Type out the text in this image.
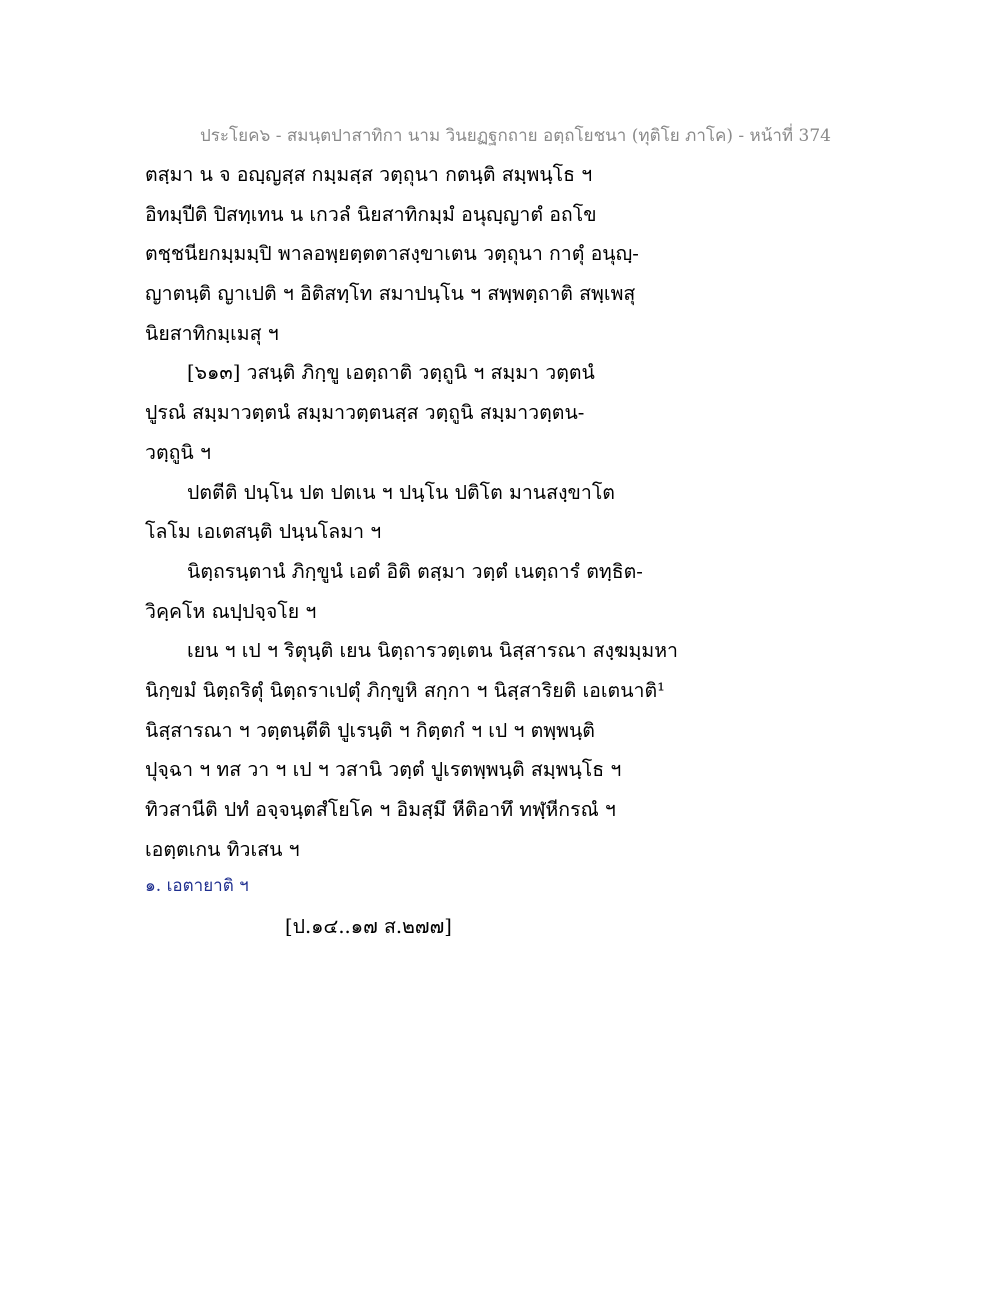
ประโยค๖ - สมนฺตปาสาทิกา นาม วินยฏฐกถาย อตฺถโยชนา (ทุติโย ภาโค) - หน้าที่ 374
ตสฺมา น จ อญฺญสฺส กมฺมสฺส วตฺถุนา กตนฺติ สมฺพนฺโธ ฯ
อิทมฺปีติ ปิสทฺเทน น เกวลํ นิยสาทิกมฺมํ อนุญฺญาตํ อถโข
ตชฺชนียกมฺมมฺปิ พาลอพฺยตฺตตาสงฺขาเตน วตฺถุนา กาตุํ อนุญฺ-
ญาตนฺติ ญาเปติ ฯ อิติสทฺโท สมาปนฺโน ฯ สพฺพตฺถาติ สพฺเพสุ
นิยสาทิกมฺเมสุ ฯ
[๖๑๓] วสนฺติ ภิกฺขู เอตฺถาติ วตฺถูนิ ฯ สมฺมา วตฺตนํ
ปูรณํ สมฺมาวตฺตนํ สมฺมาวตฺตนสฺส วตฺถูนิ สมฺมาวตฺตน-
วตฺถูนิ ฯ
ปตตีติ ปนฺโน ปต ปตเน ฯ ปนฺโน ปติโต มานสงฺขาโต
โลโม เอเตสนฺติ ปนฺนโลมา ฯ
นิตฺถรนฺตานํ ภิกฺขูนํ เอตํ อิติ ตสฺมา วตฺตํ เนตฺถารํ ตทฺธิต-
วิคฺคโห ณปฺปจฺจโย ฯ
เยน ฯ เป ฯ ริตุนฺติ เยน นิตฺถารวตฺเตน นิสฺสารณา สงฺฆมฺมหา
นิกฺขมํ นิตฺถริตุํ นิตฺถราเปตุํ ภิกฺขูหิ สกฺกา ฯ นิสฺสาริยติ เอเตนาติ¹
นิสฺสารณา ฯ วตฺตนฺตีติ ปูเรนฺติ ฯ กิตฺตกํ ฯ เป ฯ ตพฺพนฺติ
ปุจฺฉา ฯ ทส วา ฯ เป ฯ วสานิ วตฺตํ ปูเรตพฺพนฺติ สมฺพนฺโธ ฯ
ทิวสานีติ ปทํ อจฺจนฺตสํโยโค ฯ อิมสฺมึ หีติอาทึ ทฬฺหีกรณํ ฯ
เอตฺตเกน ทิวเสน ฯ
๑. เอตายาติ ฯ
[ป.๑๔..๑๗ ส.๒๗๗]
